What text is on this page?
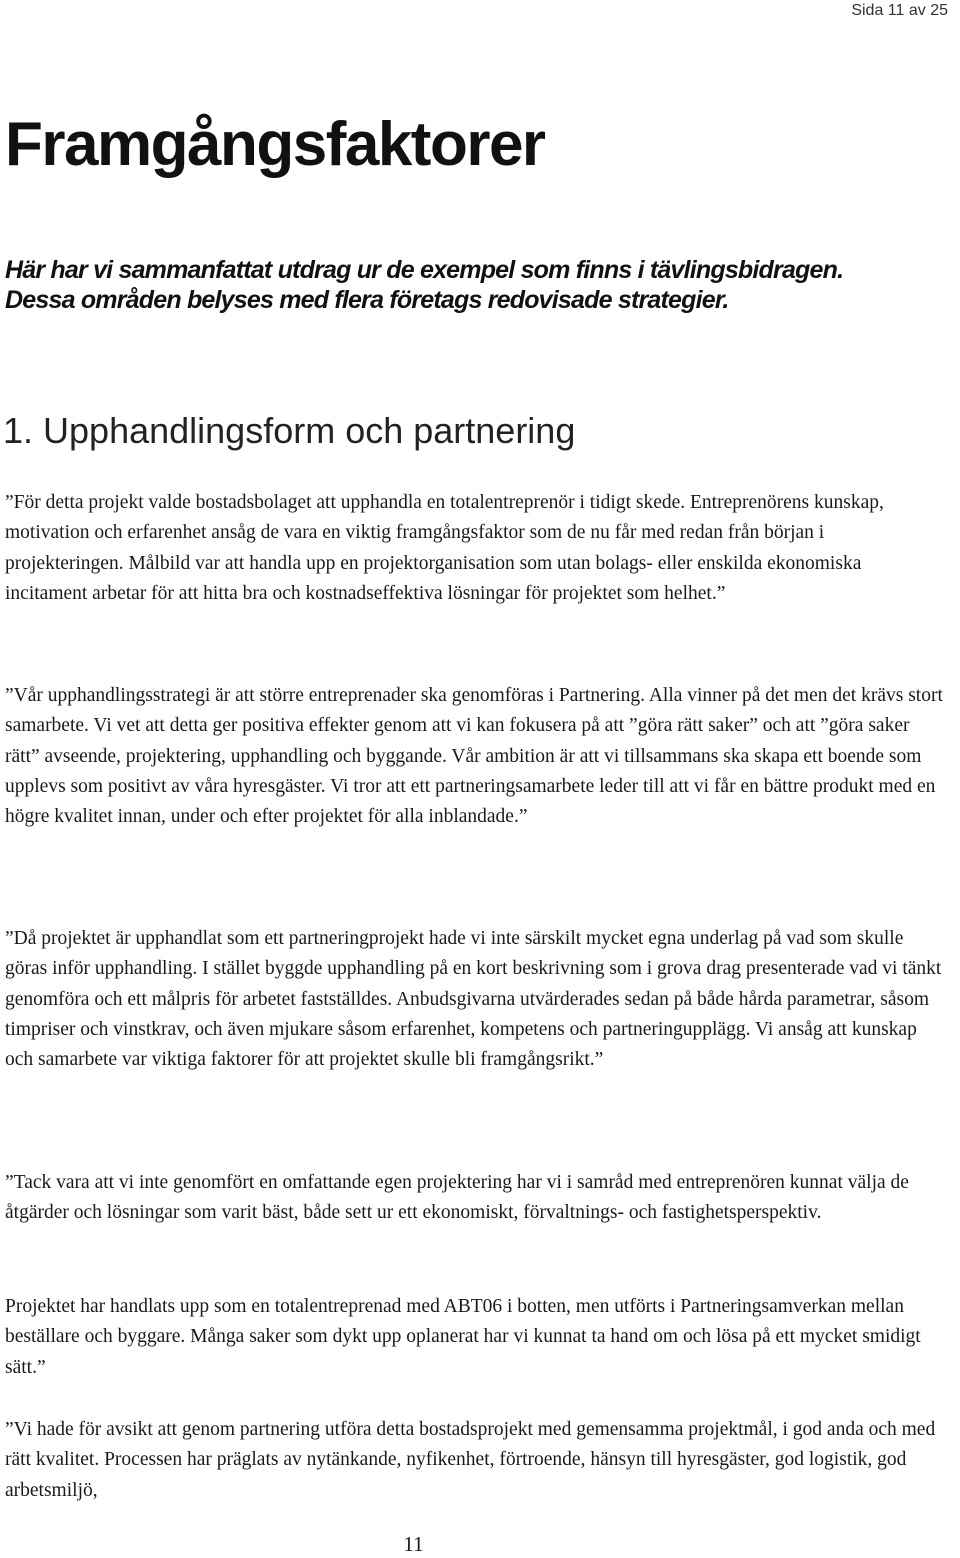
Sida 11 av 25
Framgångsfaktorer

Här har vi sammanfattat utdrag ur de exempel som finns i tävlingsbidragen. Dessa områden belyses med flera företags redovisade strategier.

1. Upphandlingsform och partnering

”För detta projekt valde bostadsbolaget att upphandla en totalentreprenör i tidigt skede. Entreprenörens kunskap, motivation och erfarenhet ansåg de vara en viktig framgångsfaktor som de nu får med redan från början i projekteringen. Målbild var att handla upp en projektorganisation som utan bolags- eller enskilda ekonomiska incitament arbetar för att hitta bra och kostnadseffektiva lösningar för projektet som helhet.”

”Vår upphandlingsstrategi är att större entreprenader ska genomföras i Partnering. Alla vinner på det men det krävs stort samarbete. Vi vet att detta ger positiva effekter genom att vi kan fokusera på att ”göra rätt saker” och att ”göra saker rätt” avseende, projektering, upphandling och byggande. Vår ambition är att vi tillsammans ska skapa ett boende som upplevs som positivt av våra hyresgäster. Vi tror att ett partneringsamarbete leder till att vi får en bättre produkt med en högre kvalitet innan, under och efter projektet för alla inblandade.”

”Då projektet är upphandlat som ett partneringprojekt hade vi inte särskilt mycket egna underlag på vad som skulle göras inför upphandling. I stället byggde upphandling på en kort beskrivning som i grova drag presenterade vad vi tänkt genomföra och ett målpris för arbetet fastställdes. Anbudsgivarna utvärderades sedan på både hårda parametrar, såsom timpriser och vinstkrav, och även mjukare såsom erfarenhet, kompetens och partneringupplägg. Vi ansåg att kunskap och samarbete var viktiga faktorer för att projektet skulle bli framgångsrikt.”

”Tack vara att vi inte genomfört en omfattande egen projektering har vi i samråd med entreprenören kunnat välja de åtgärder och lösningar som varit bäst, både sett ur ett ekonomiskt, förvaltnings- och fastighetsperspektiv.

Projektet har handlats upp som en totalentreprenad med ABT06 i botten, men utförts i Partneringsamverkan mellan beställare och byggare. Många saker som dykt upp oplanerat har vi kunnat ta hand om och lösa på ett mycket smidigt sätt.”

”Vi hade för avsikt att genom partnering utföra detta bostadsprojekt med gemensamma projektmål, i god anda och med rätt kvalitet. Processen har präglats av nytänkande, nyfikenhet, förtroende, hänsyn till hyresgäster, god logistik, god arbetsmiljö,

11
